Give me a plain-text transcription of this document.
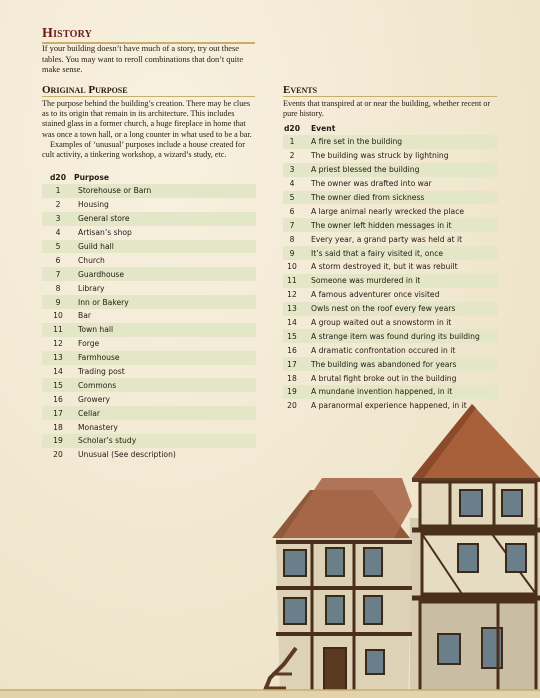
History
If your building doesn’t have much of a story, try out these tables. You may want to reroll combinations that don’t quite make sense.
Original Purpose

The purpose behind the building’s creation. There may be clues as to its origin that remain in its architecture. This includes stained glass in a former church, a huge fireplace in home that was once a town hall, or a long counter in what used to be a bar.

Examples of ‘unusual’ purposes include a house created for cult activity, a tinkering workshop, a wizard’s study, etc.

d20	Purpose
1	Storehouse or Barn
2	Housing
3	General store
4	Artisan’s shop
5	Guild hall
6	Church
7	Guardhouse
8	Library
9	Inn or Bakery
10	Bar
11	Town hall
12	Forge
13	Farmhouse
14	Trading post
15	Commons
16	Growery
17	Cellar
18	Monastery
19	Scholar’s study
20	Unusual (See description)
Events

Events that transpired at or near the building, whether recent or pure history.

d20	Event
1	A fire set in the building
2	The building was struck by lightning
3	A priest blessed the building
4	The owner was drafted into war
5	The owner died from sickness
6	A large animal nearly wrecked the place
7	The owner left hidden messages in it
8	Every year, a grand party was held at it
9	It’s said that a fairy visited it, once
10	A storm destroyed it, but it was rebuilt
11	Someone was murdered in it
12	A famous adventurer once visited
13	Owls nest on the roof every few years
14	A group waited out a snowstorm in it
15	A strange item was found during its building
16	A dramatic confrontation occured in it
17	The building was abandoned for years
18	A brutal fight broke out in the building
19	A mundane invention happened, in it
20	A paranormal experience happened, in it
